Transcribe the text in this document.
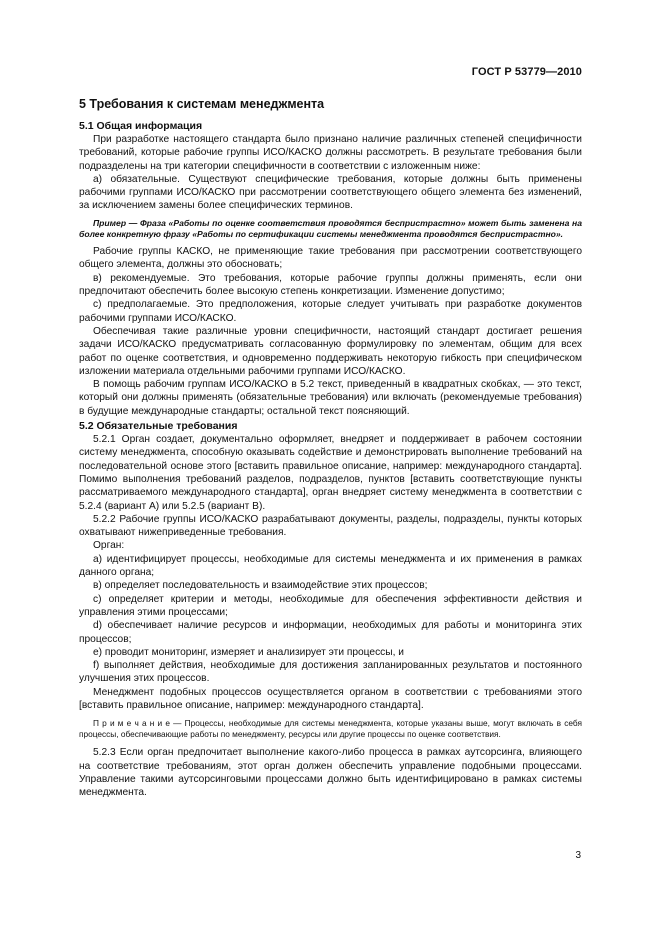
ГОСТ Р 53779—2010
5 Требования к системам менеджмента
5.1 Общая информация

При разработке настоящего стандарта было признано наличие различных степеней специфичности требований, которые рабочие группы ИСО/КАСКО должны рассмотреть. В результате требования были подразделены на три категории специфичности в соответствии с изложенным ниже:

а) обязательные. Существуют специфические требования, которые должны быть применены рабочими группами ИСО/КАСКО при рассмотрении соответствующего общего элемента без изменений, за исключением замены более специфических терминов.

Пример — Фраза «Работы по оценке соответствия проводятся беспристрастно» может быть заменена на более конкретную фразу «Работы по сертификации системы менеджмента проводятся беспристрастно».

Рабочие группы КАСКО, не применяющие такие требования при рассмотрении соответствующего общего элемента, должны это обосновать;

в) рекомендуемые. Это требования, которые рабочие группы должны применять, если они предпочитают обеспечить более высокую степень конкретизации. Изменение допустимо;

с) предполагаемые. Это предположения, которые следует учитывать при разработке документов рабочими группами ИСО/КАСКО.

Обеспечивая такие различные уровни специфичности, настоящий стандарт достигает решения задачи ИСО/КАСКО предусматривать согласованную формулировку по элементам, общим для всех работ по оценке соответствия, и одновременно поддерживать некоторую гибкость при специфическом изложении материала отдельными рабочими группами ИСО/КАСКО.

В помощь рабочим группам ИСО/КАСКО в 5.2 текст, приведенный в квадратных скобках, — это текст, который они должны применять (обязательные требования) или включать (рекомендуемые требования) в будущие международные стандарты; остальной текст поясняющий.

5.2 Обязательные требования

5.2.1 Орган создает, документально оформляет, внедряет и поддерживает в рабочем состоянии систему менеджмента, способную оказывать содействие и демонстрировать выполнение требований на последовательной основе этого [вставить правильное описание, например: международного стандарта]. Помимо выполнения требований разделов, подразделов, пунктов [вставить соответствующие пункты рассматриваемого международного стандарта], орган внедряет систему менеджмента в соответствии с 5.2.4 (вариант А) или 5.2.5 (вариант В).

5.2.2 Рабочие группы ИСО/КАСКО разрабатывают документы, разделы, подразделы, пункты которых охватывают нижеприведенные требования.

Орган:

а) идентифицирует процессы, необходимые для системы менеджмента и их применения в рамках данного органа;

в) определяет последовательность и взаимодействие этих процессов;

с) определяет критерии и методы, необходимые для обеспечения эффективности действия и управления этими процессами;

d) обеспечивает наличие ресурсов и информации, необходимых для работы и мониторинга этих процессов;

е) проводит мониторинг, измеряет и анализирует эти процессы, и

f) выполняет действия, необходимые для достижения запланированных результатов и постоянного улучшения этих процессов.

Менеджмент подобных процессов осуществляется органом в соответствии с требованиями этого [вставить правильное описание, например: международного стандарта].

П р и м е ч а н и е — Процессы, необходимые для системы менеджмента, которые указаны выше, могут включать в себя процессы, обеспечивающие работы по менеджменту, ресурсы или другие процессы по оценке соответствия.

5.2.3 Если орган предпочитает выполнение какого-либо процесса в рамках аутсорсинга, влияющего на соответствие требованиям, этот орган должен обеспечить управление подобными процессами. Управление такими аутсорсинговыми процессами должно быть идентифицировано в рамках системы менеджмента.

3
